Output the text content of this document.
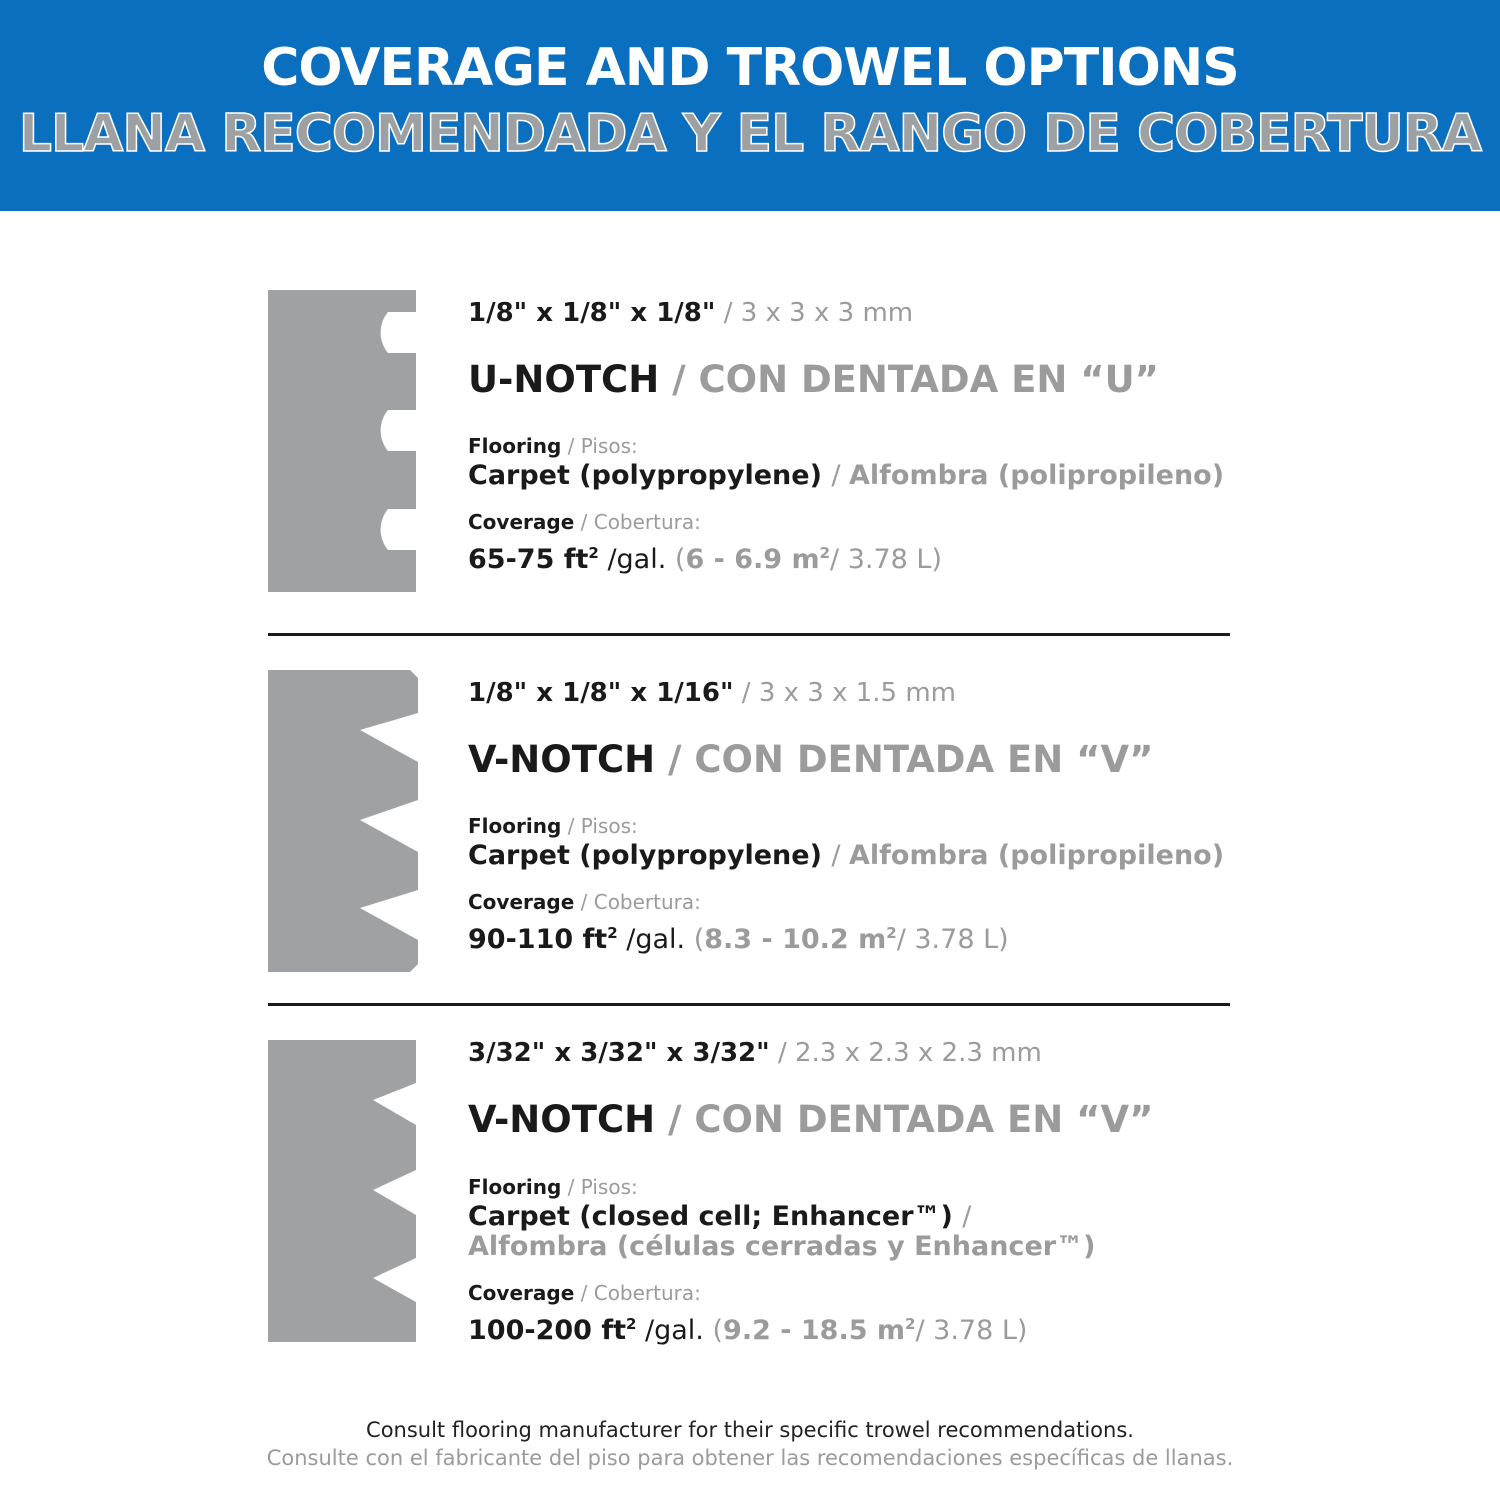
COVERAGE AND TROWEL OPTIONS
LLANA RECOMENDADA Y EL RANGO DE COBERTURA
1/8" x 1/8" x 1/8" / 3 x 3 x 3 mm
U-NOTCH / CON DENTADA EN “U”
Flooring / Pisos:
Carpet (polypropylene) / Alfombra (polipropileno)
Coverage / Cobertura:
65-75 $ft^2$ /gal. (6 - 6.9 $m^2/$ 3.78 L)
1/8" x 1/8" x 1/16" / 3 x 3 x 1.5 mm
V-NOTCH / CON DENTADA EN “V”
Flooring / Pisos:
Carpet (polypropylene) / Alfombra (polipropileno)
Coverage / Cobertura:
90-110 $ft^2$ /gal. (8.3 - 10.2 $m^2/$ 3.78 L)
3/32" x 3/32" x 3/32" / 2.3 x 2.3 x 2.3 mm
V-NOTCH / CON DENTADA EN “V”
Flooring / Pisos:
Carpet (closed cell; Enhancer™) /
Alfombra (células cerradas y Enhancer™)
Coverage / Cobertura:
100-200 $ft^2$ /gal. (9.2 - 18.5 $m^2/$ 3.78 L)
Consult flooring manufacturer for their specific trowel recommendations.
Consulte con el fabricante del piso para obtener las recomendaciones específicas de llanas.
